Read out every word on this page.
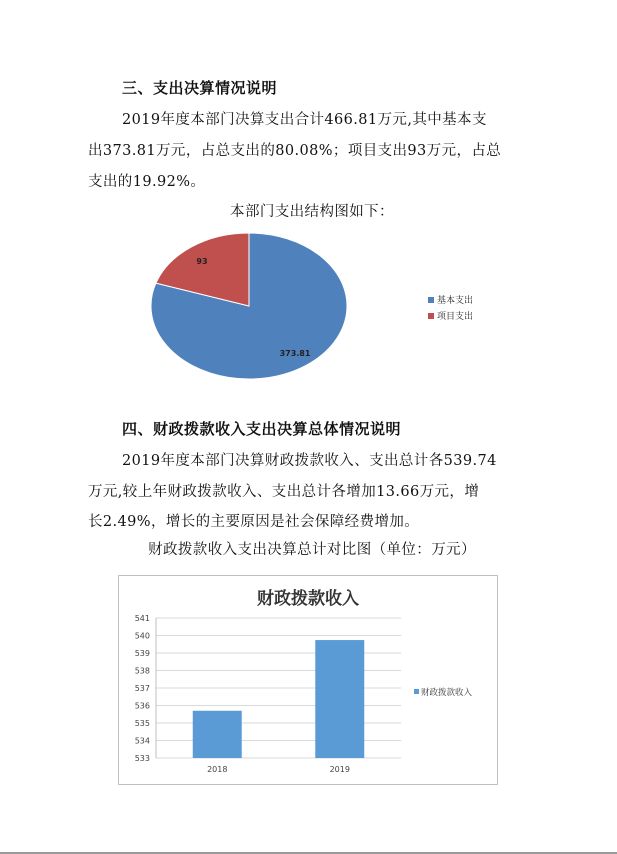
三、支出决算情况说明
2019年度本部门决算支出合计466.81万元,其中基本支
出373.81万元，占总支出的80.08%；项目支出93万元，占总
支出的19.92%。
本部门支出结构图如下：
373.81
93
基本支出
项目支出
四、财政拨款收入支出决算总体情况说明
2019年度本部门决算财政拨款收入、支出总计各539.74
万元,较上年财政拨款收入、支出总计各增加13.66万元，增
长2.49%，增长的主要原因是社会保障经费增加。
财政拨款收入支出决算总计对比图（单位：万元）
财政拨款收入
533
534
535
536
537
538
539
540
541
2018	2019
财政拨款收入
